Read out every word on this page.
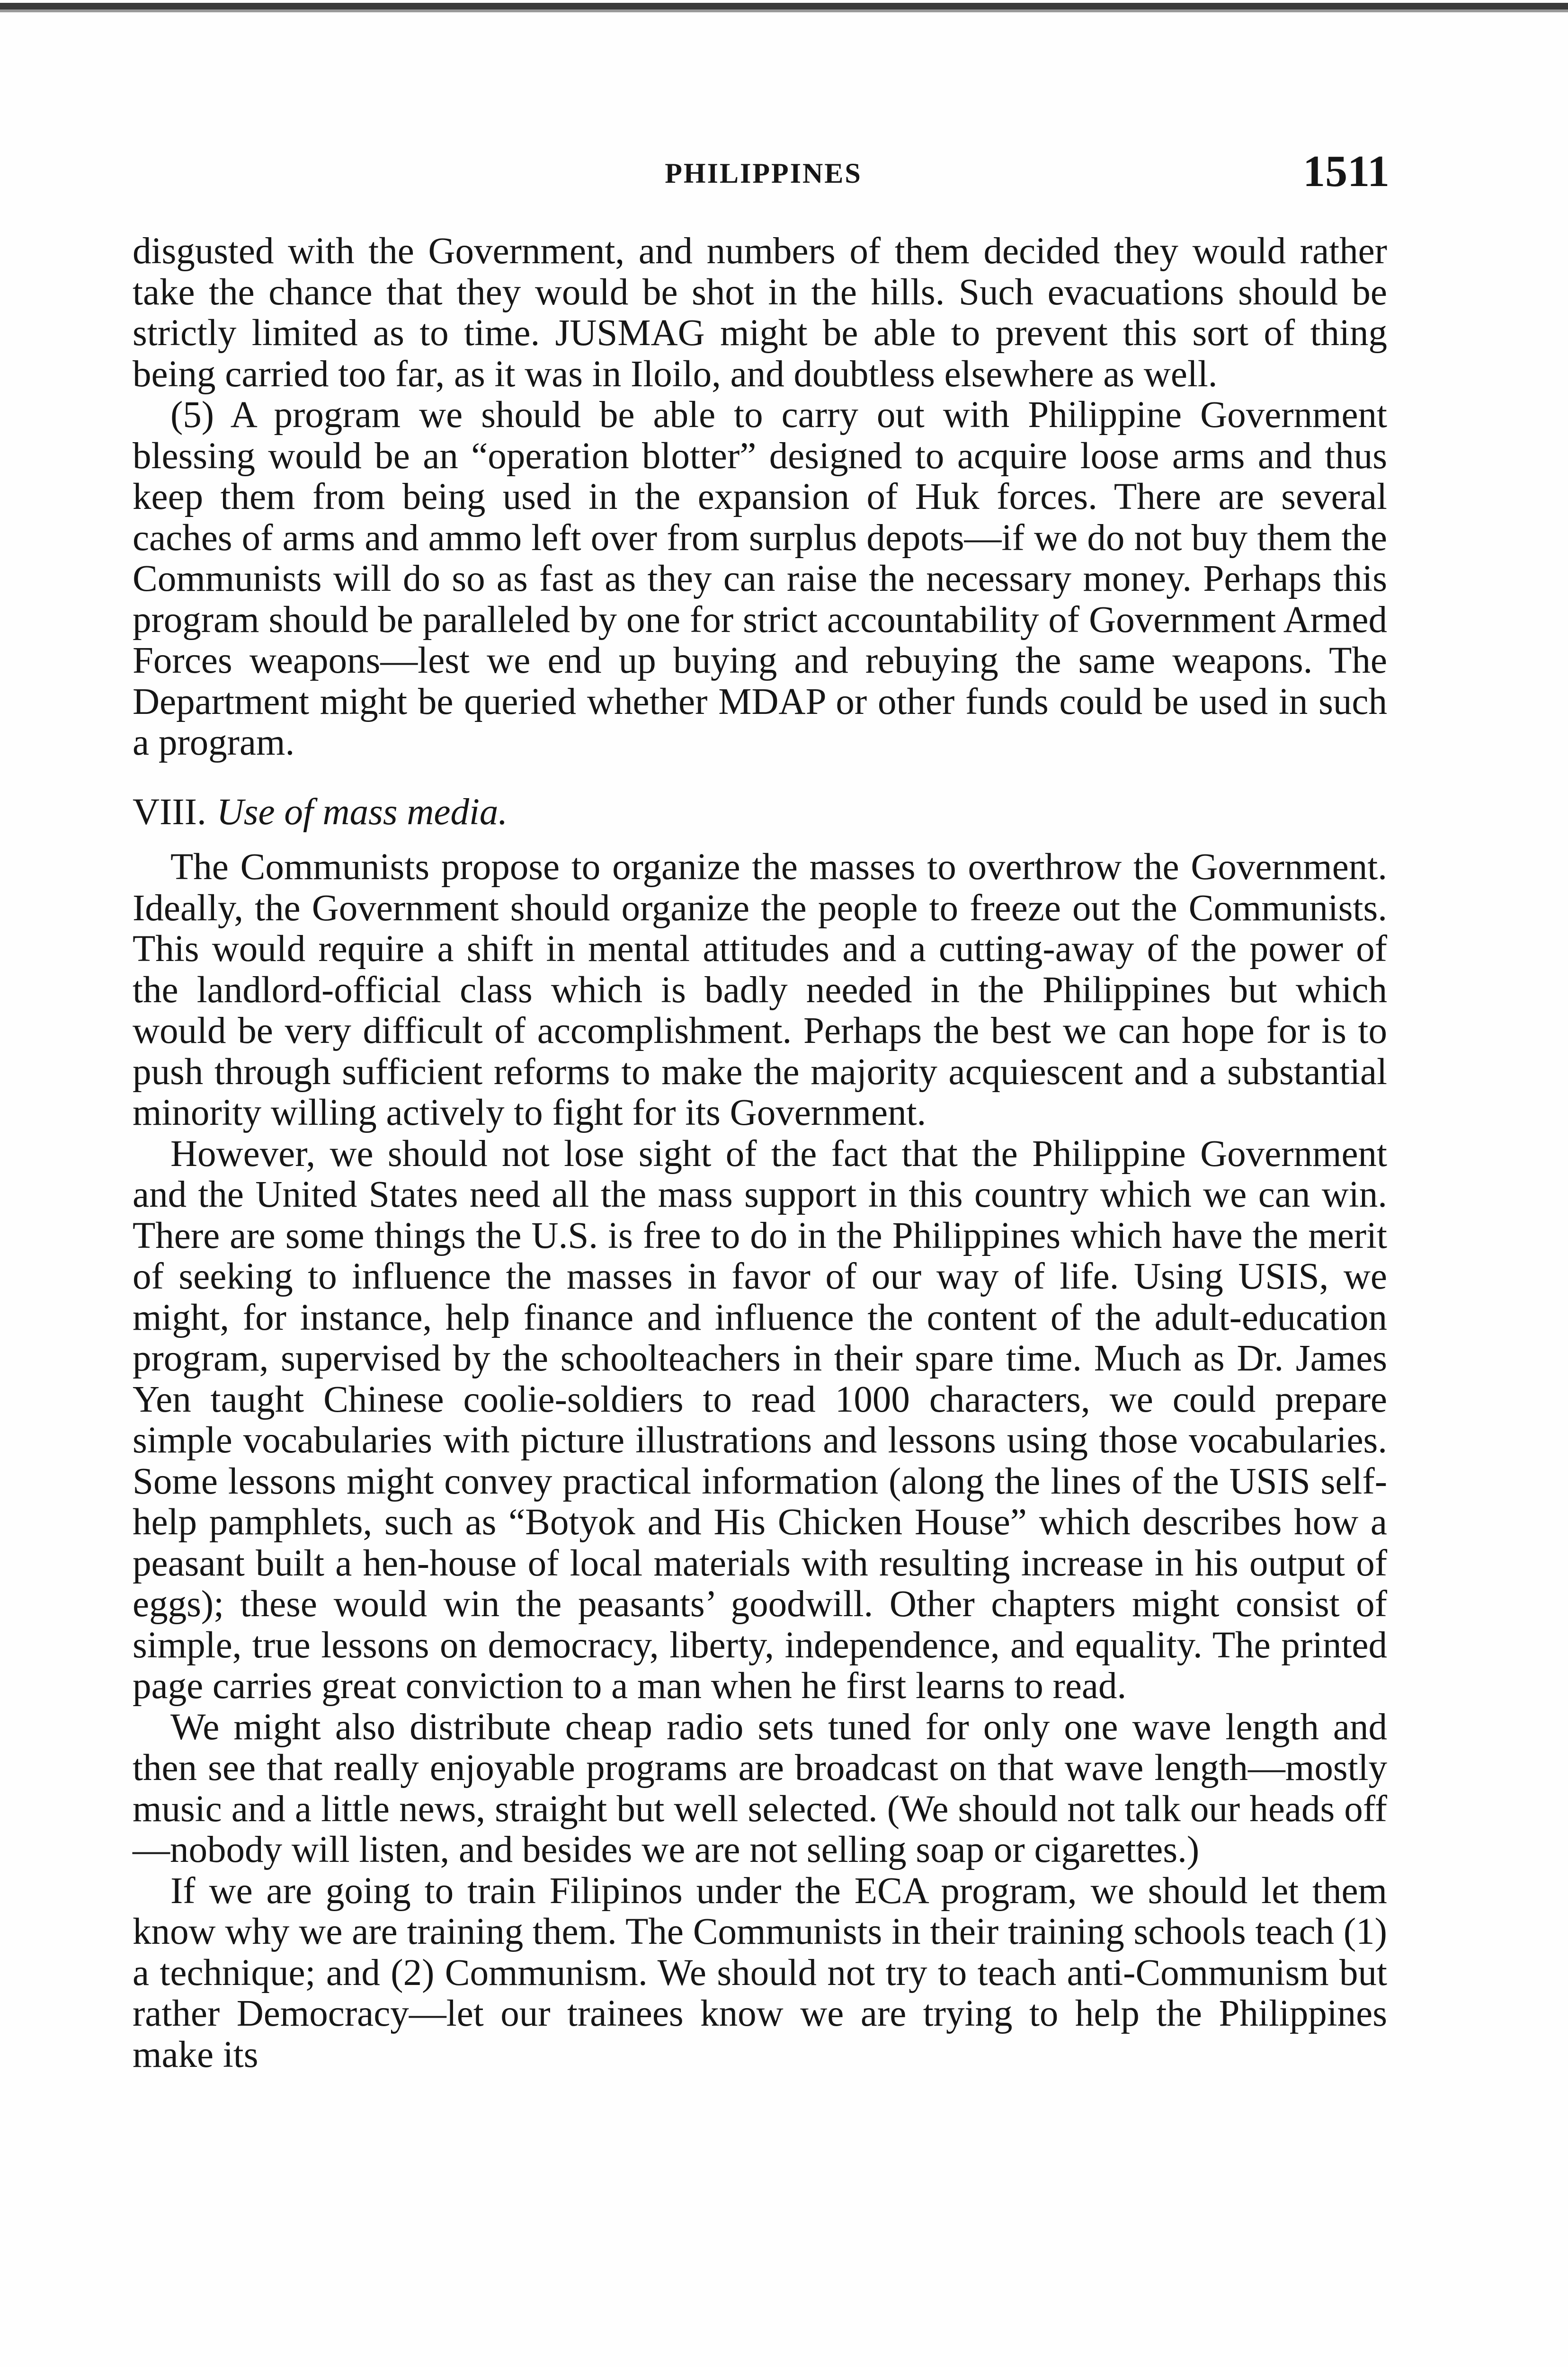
PHILIPPINES	1511

disgusted with the Government, and numbers of them decided they would rather take the chance that they would be shot in the hills. Such evacuations should be strictly limited as to time. JUSMAG might be able to prevent this sort of thing being carried too far, as it was in Iloilo, and doubtless elsewhere as well.

(5) A program we should be able to carry out with Philippine Government blessing would be an “operation blotter” designed to acquire loose arms and thus keep them from being used in the expansion of Huk forces. There are several caches of arms and ammo left over from surplus depots—if we do not buy them the Communists will do so as fast as they can raise the necessary money. Perhaps this program should be paralleled by one for strict accountability of Government Armed Forces weapons—lest we end up buying and rebuying the same weapons. The Department might be queried whether MDAP or other funds could be used in such a program.

VIII. Use of mass media.

The Communists propose to organize the masses to overthrow the Government. Ideally, the Government should organize the people to freeze out the Communists. This would require a shift in mental attitudes and a cutting-away of the power of the landlord-official class which is badly needed in the Philippines but which would be very difficult of accomplishment. Perhaps the best we can hope for is to push through sufficient reforms to make the majority acquiescent and a substantial minority willing actively to fight for its Government.

However, we should not lose sight of the fact that the Philippine Government and the United States need all the mass support in this country which we can win. There are some things the U.S. is free to do in the Philippines which have the merit of seeking to influence the masses in favor of our way of life. Using USIS, we might, for instance, help finance and influence the content of the adult-education program, supervised by the schoolteachers in their spare time. Much as Dr. James Yen taught Chinese coolie-soldiers to read 1000 characters, we could prepare simple vocabularies with picture illustrations and lessons using those vocabularies. Some lessons might convey practical information (along the lines of the USIS self-help pamphlets, such as “Botyok and His Chicken House” which describes how a peasant built a hen-house of local materials with resulting increase in his output of eggs); these would win the peasants’ goodwill. Other chapters might consist of simple, true lessons on democracy, liberty, independence, and equality. The printed page carries great conviction to a man when he first learns to read.

We might also distribute cheap radio sets tuned for only one wave length and then see that really enjoyable programs are broadcast on that wave length—mostly music and a little news, straight but well selected. (We should not talk our heads off—nobody will listen, and besides we are not selling soap or cigarettes.)

If we are going to train Filipinos under the ECA program, we should let them know why we are training them. The Communists in their training schools teach (1) a technique; and (2) Communism. We should not try to teach anti-Communism but rather Democracy—let our trainees know we are trying to help the Philippines make its
